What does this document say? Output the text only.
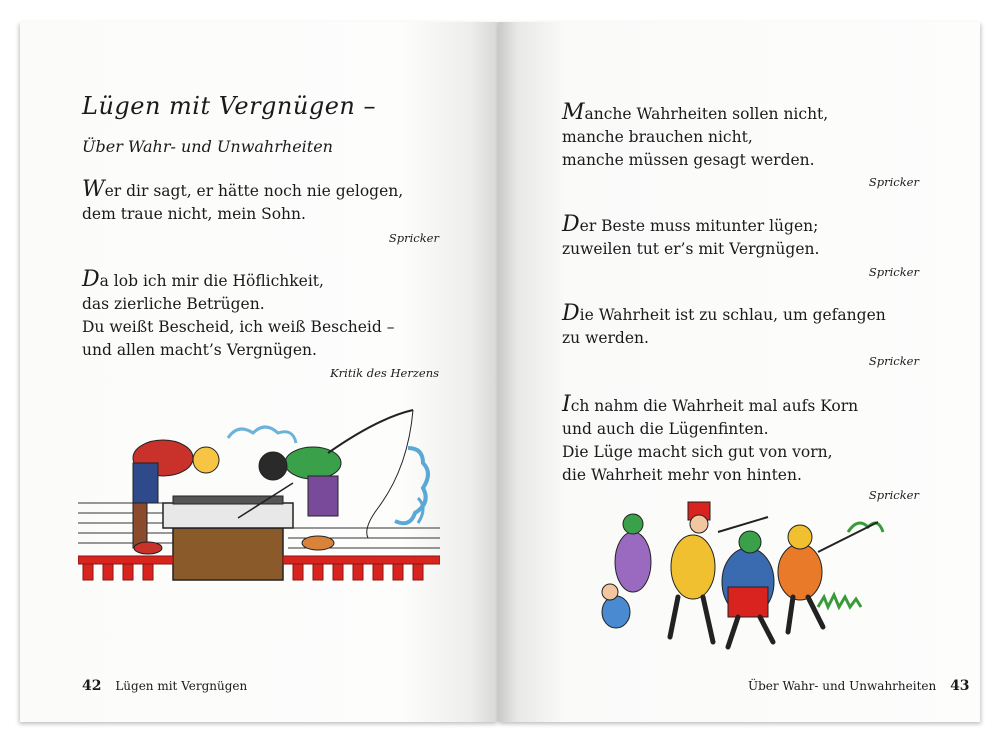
Lügen mit Vergnügen –
Über Wahr- und Unwahrheiten
Wer dir sagt, er hätte noch nie gelogen,
dem traue nicht, mein Sohn.
Spricker
Da lob ich mir die Höflichkeit,
das zierliche Betrügen.
Du weißt Bescheid, ich weiß Bescheid –
und allen macht’s Vergnügen.
Kritik des Herzens
42 Lügen mit Vergnügen
Manche Wahrheiten sollen nicht,
manche brauchen nicht,
manche müssen gesagt werden.
Spricker
Der Beste muss mitunter lügen;
zuweilen tut er’s mit Vergnügen.
Spricker
Die Wahrheit ist zu schlau, um gefangen
zu werden.
Spricker
Ich nahm die Wahrheit mal aufs Korn
und auch die Lügenfinten.
Die Lüge macht sich gut von vorn,
die Wahrheit mehr von hinten.
Spricker
Über Wahr- und Unwahrheiten 43
